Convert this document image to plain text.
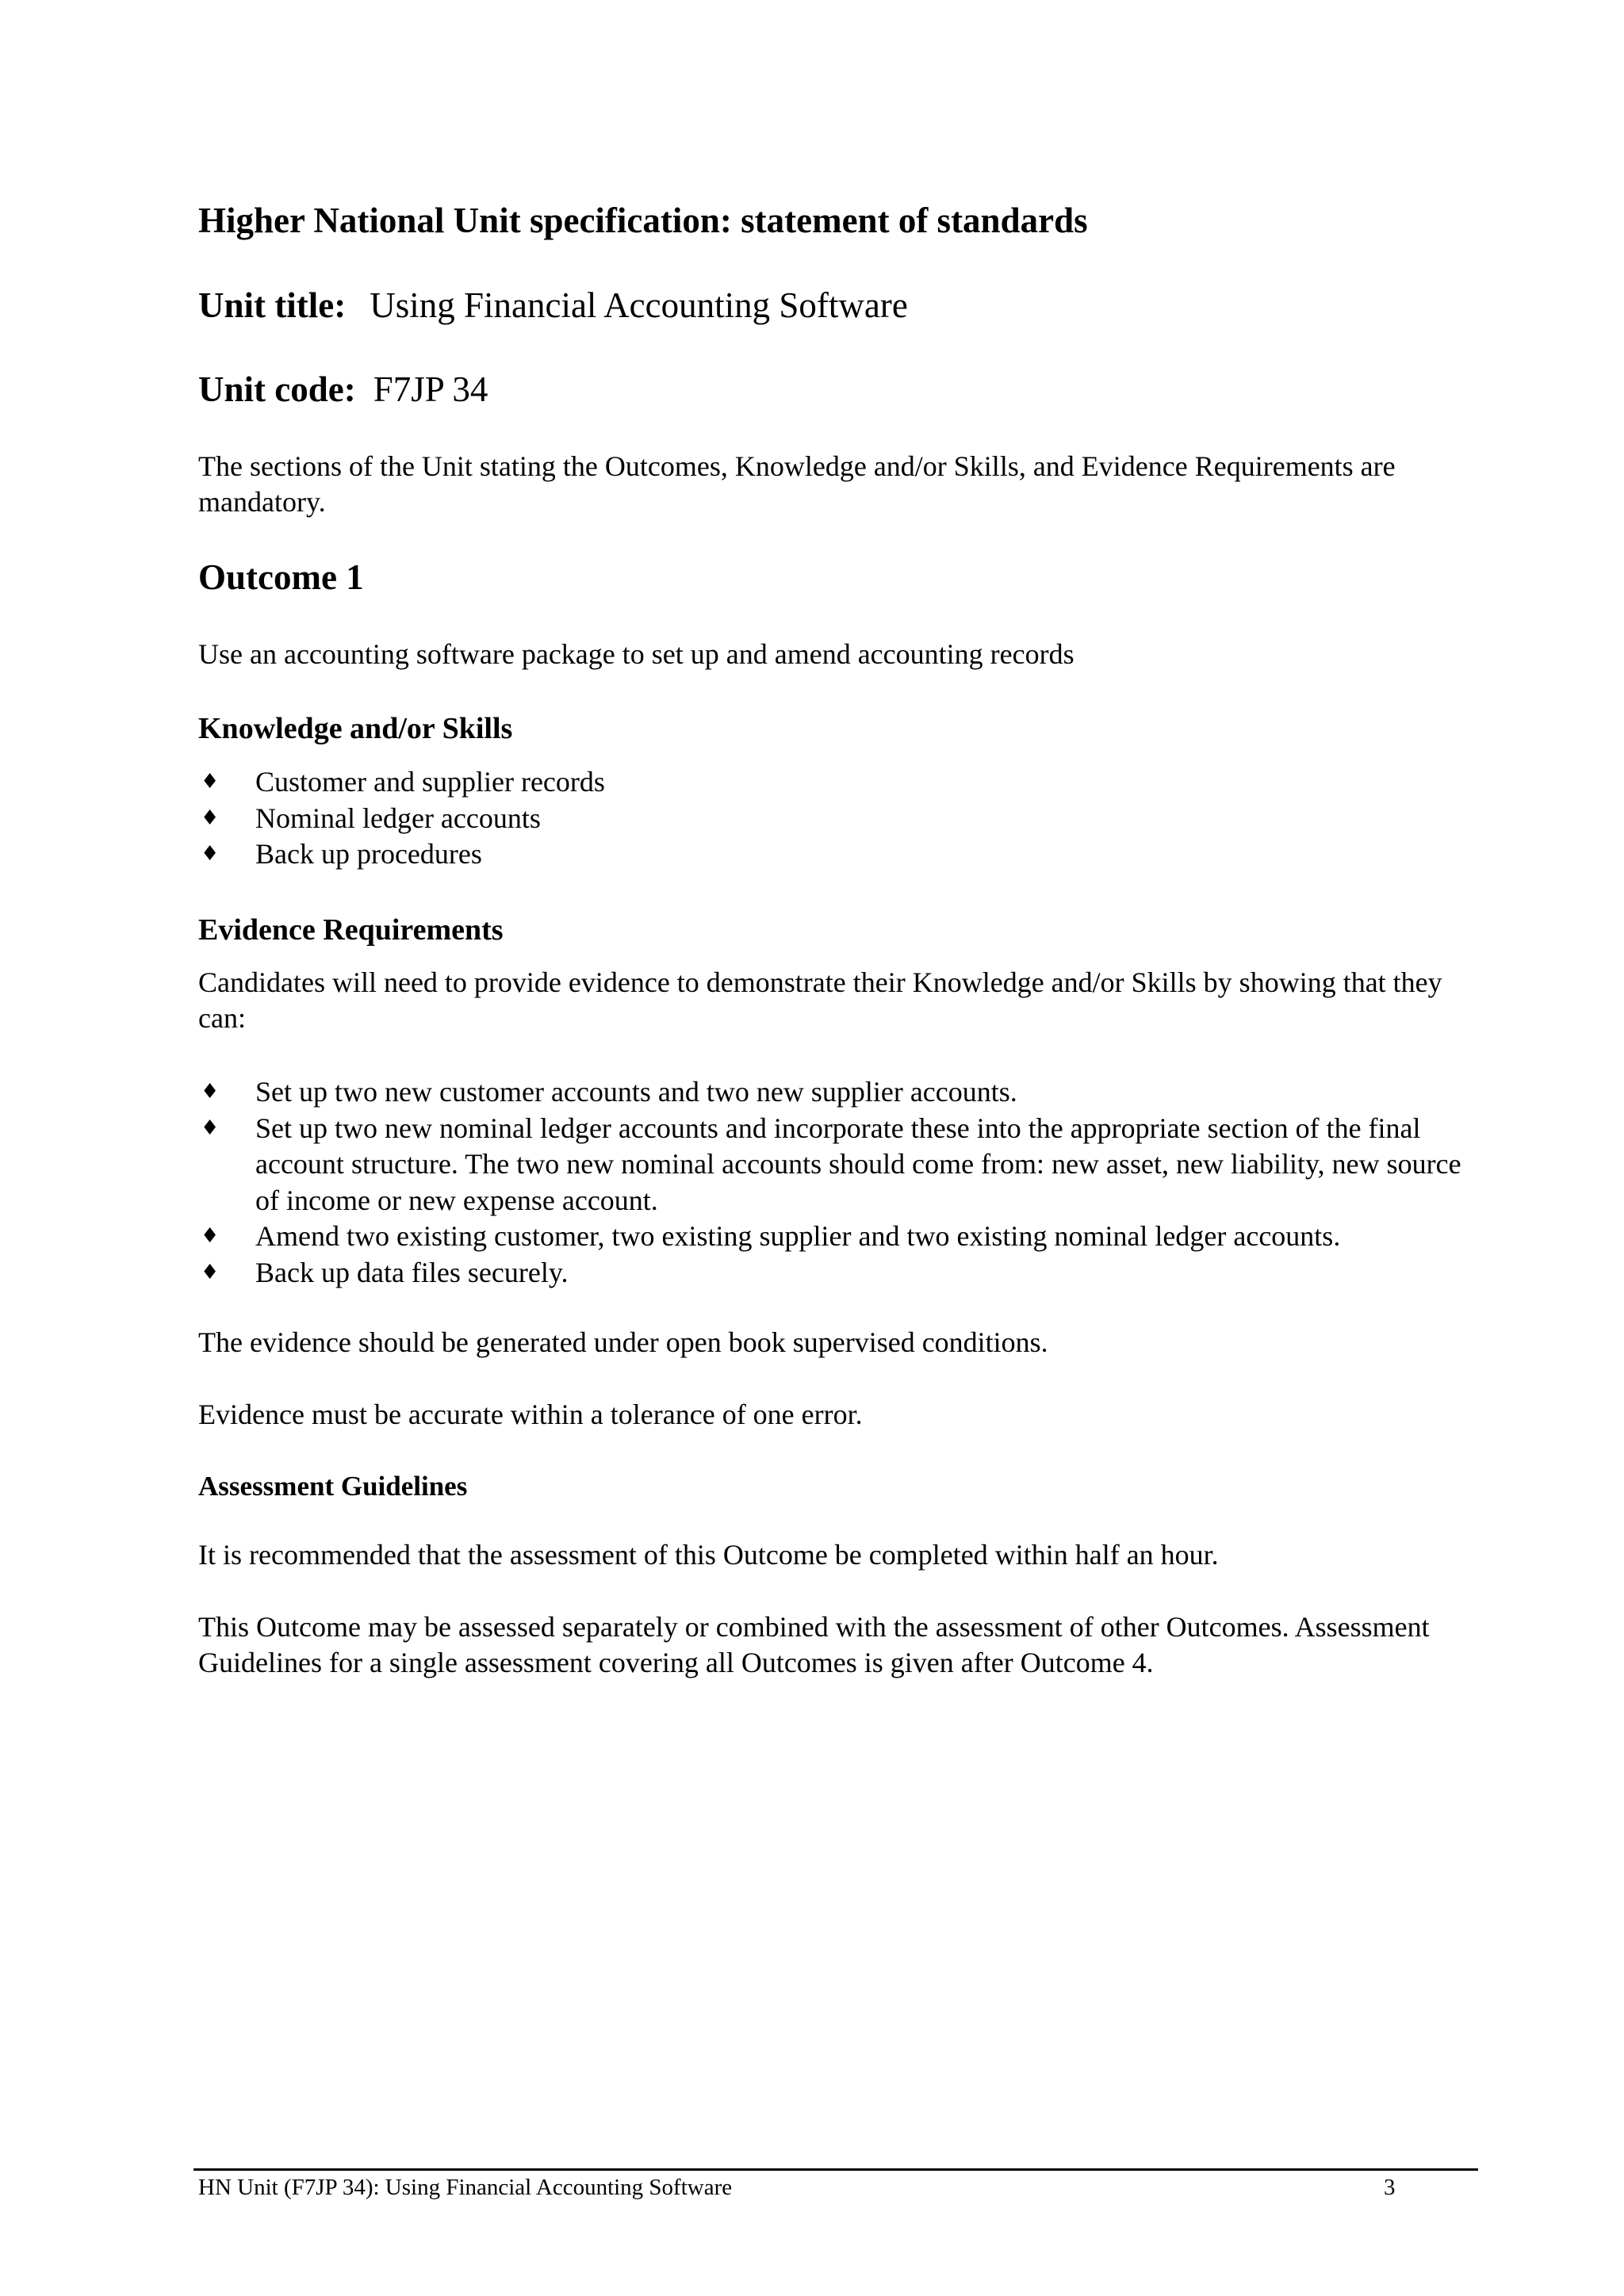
Higher National Unit specification: statement of standards
Unit title: Using Financial Accounting Software
Unit code: F7JP 34

The sections of the Unit stating the Outcomes, Knowledge and/or Skills, and Evidence Requirements are mandatory.

Outcome 1

Use an accounting software package to set up and amend accounting records

Knowledge and/or Skills
♦ Customer and supplier records
♦ Nominal ledger accounts
♦ Back up procedures
Evidence Requirements

Candidates will need to provide evidence to demonstrate their Knowledge and/or Skills by showing that they can:

♦ Set up two new customer accounts and two new supplier accounts.
♦ Set up two new nominal ledger accounts and incorporate these into the appropriate section of the final account structure. The two new nominal accounts should come from: new asset, new liability, new source of income or new expense account.
♦ Amend two existing customer, two existing supplier and two existing nominal ledger accounts.
♦ Back up data files securely.

The evidence should be generated under open book supervised conditions.

Evidence must be accurate within a tolerance of one error.

Assessment Guidelines

It is recommended that the assessment of this Outcome be completed within half an hour.

This Outcome may be assessed separately or combined with the assessment of other Outcomes. Assessment Guidelines for a single assessment covering all Outcomes is given after Outcome 4.

HN Unit (F7JP 34): Using Financial Accounting Software	3
